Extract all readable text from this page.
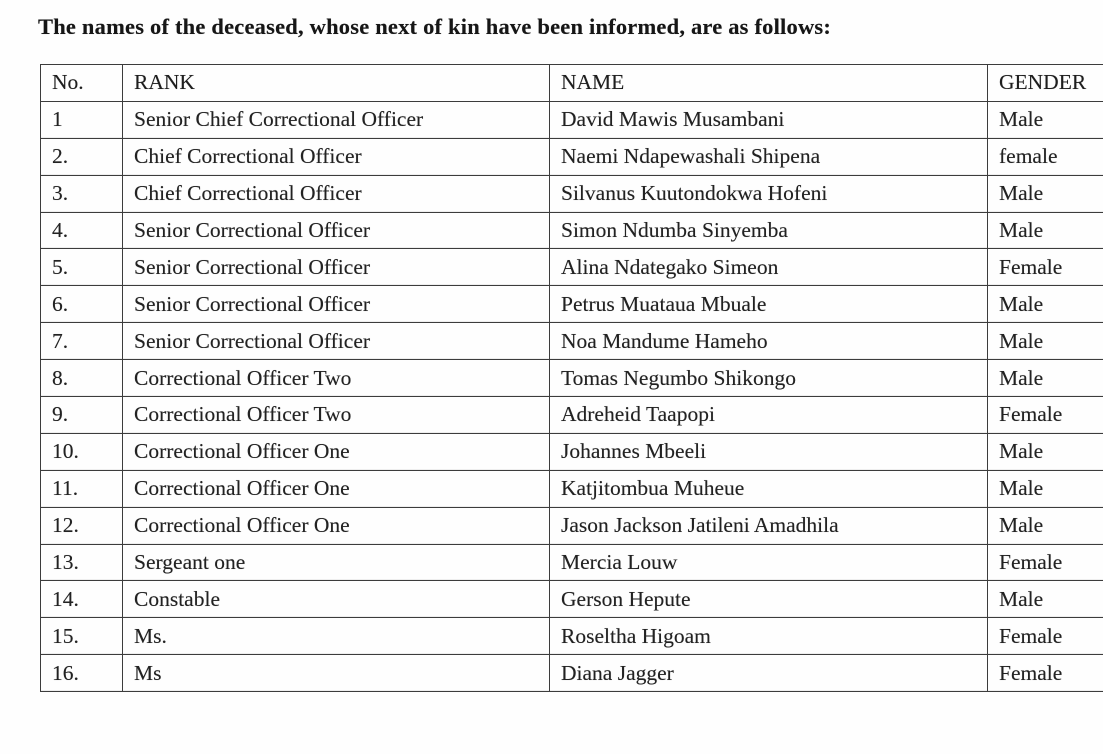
The names of the deceased, whose next of kin have been informed, are as follows:

No.	RANK	NAME	GENDER
1	Senior Chief Correctional Officer	David Mawis Musambani	Male
2.	Chief Correctional Officer	Naemi Ndapewashali Shipena	female
3.	Chief Correctional Officer	Silvanus Kuutondokwa Hofeni	Male
4.	Senior Correctional Officer	Simon Ndumba Sinyemba	Male
5.	Senior Correctional Officer	Alina Ndategako Simeon	Female
6.	Senior Correctional Officer	Petrus Muataua Mbuale	Male
7.	Senior Correctional Officer	Noa Mandume Hameho	Male
8.	Correctional Officer Two	Tomas Negumbo Shikongo	Male
9.	Correctional Officer Two	Adreheid Taapopi	Female
10.	Correctional Officer One	Johannes Mbeeli	Male
11.	Correctional Officer One	Katjitombua Muheue	Male
12.	Correctional Officer One	Jason Jackson Jatileni Amadhila	Male
13.	Sergeant one	Mercia Louw	Female
14.	Constable	Gerson Hepute	Male
15.	Ms.	Roseltha Higoam	Female
16.	Ms	Diana Jagger	Female
